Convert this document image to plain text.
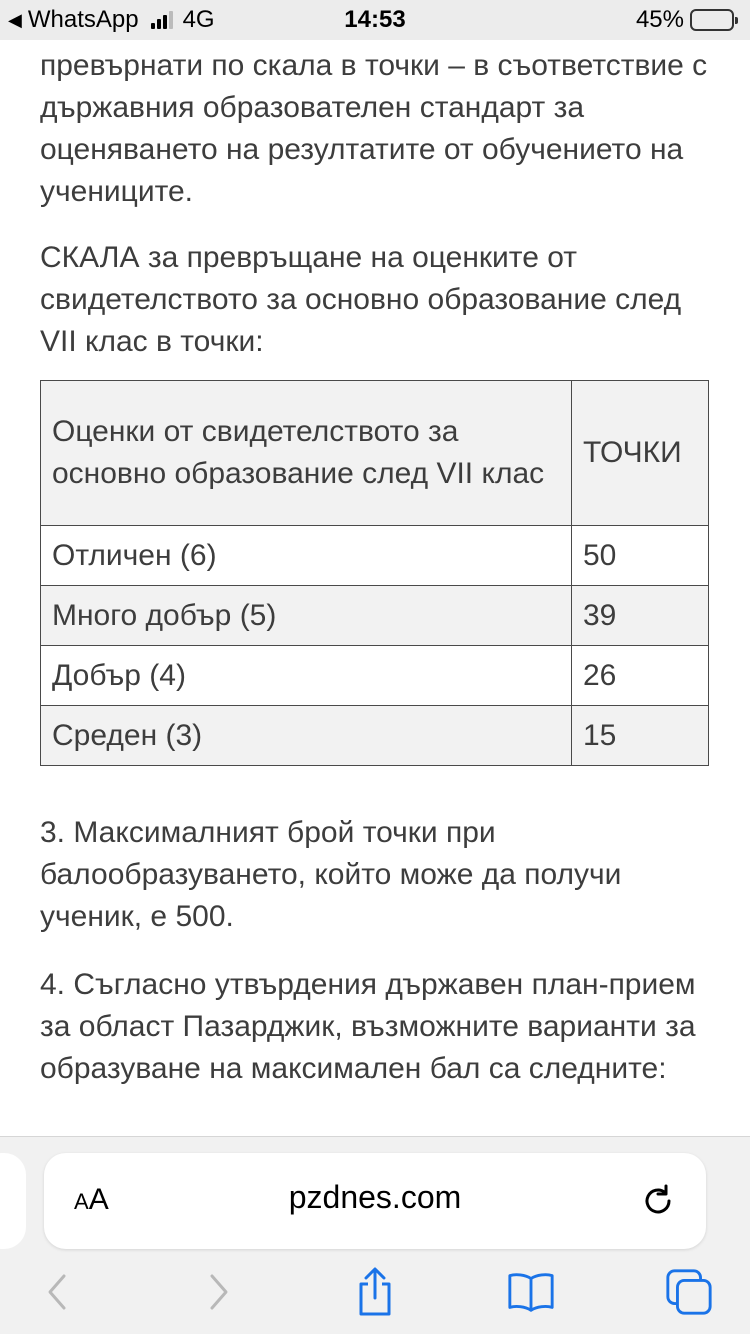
◀ WhatsApp 4G	14:53	45%

превърнати по скала в точки – в съответствие с държавния образователен стандарт за оценяването на резултатите от обучението на учениците.

СКАЛА за превръщане на оценките от свидетелството за основно образование след VII клас в точки:

Оценки от свидетелството за основно образование след VII клас	ТОЧКИ
Отличен (6)	50
Много добър (5)	39
Добър (4)	26
Среден (3)	15

3. Максималният брой точки при балообразуването, който може да получи ученик, е 500.

4. Съгласно утвърдения държавен план-прием за област Пазарджик, възможните варианти за образуване на максимален бал са следните:

AA	pzdnes.com
